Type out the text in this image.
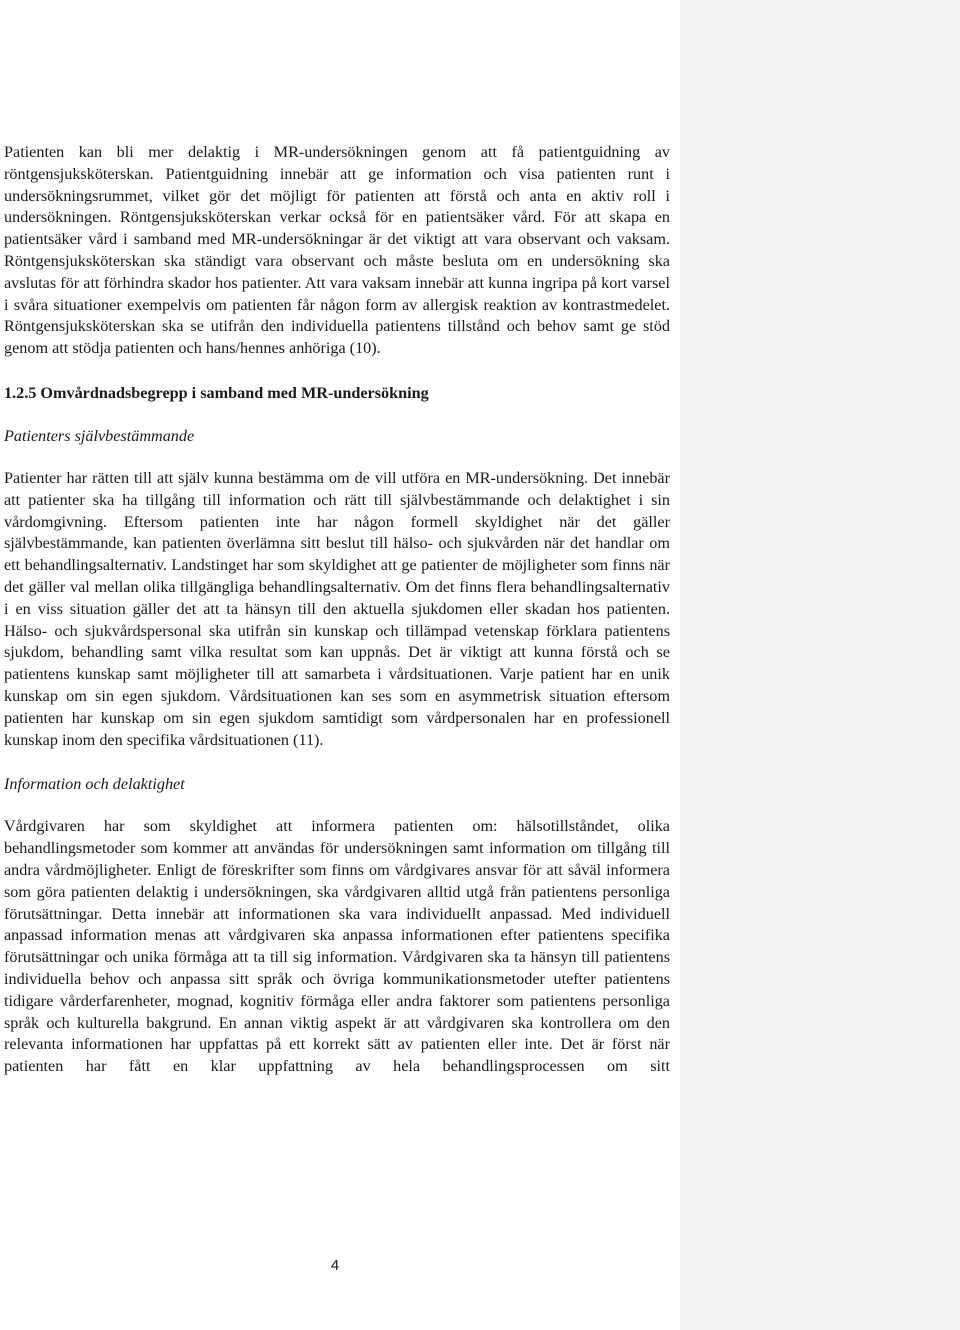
Patienten kan bli mer delaktig i MR-undersökningen genom att få patientguidning av röntgensjuksköterskan. Patientguidning innebär att ge information och visa patienten runt i undersökningsrummet, vilket gör det möjligt för patienten att förstå och anta en aktiv roll i undersökningen. Röntgensjuksköterskan verkar också för en patientsäker vård. För att skapa en patientsäker vård i samband med MR-undersökningar är det viktigt att vara observant och vaksam. Röntgensjuksköterskan ska ständigt vara observant och måste besluta om en undersökning ska avslutas för att förhindra skador hos patienter. Att vara vaksam innebär att kunna ingripa på kort varsel i svåra situationer exempelvis om patienten får någon form av allergisk reaktion av kontrastmedelet. Röntgensjuksköterskan ska se utifrån den individuella patientens tillstånd och behov samt ge stöd genom att stödja patienten och hans/hennes anhöriga (10).

1.2.5 Omvårdnadsbegrepp i samband med MR-undersökning
Patienters självbestämmande

Patienter har rätten till att själv kunna bestämma om de vill utföra en MR-undersökning. Det innebär att patienter ska ha tillgång till information och rätt till självbestämmande och delaktighet i sin vårdomgivning. Eftersom patienten inte har någon formell skyldighet när det gäller självbestämmande, kan patienten överlämna sitt beslut till hälso- och sjukvården när det handlar om ett behandlingsalternativ. Landstinget har som skyldighet att ge patienter de möjligheter som finns när det gäller val mellan olika tillgängliga behandlingsalternativ. Om det finns flera behandlingsalternativ i en viss situation gäller det att ta hänsyn till den aktuella sjukdomen eller skadan hos patienten. Hälso- och sjukvårdspersonal ska utifrån sin kunskap och tillämpad vetenskap förklara patientens sjukdom, behandling samt vilka resultat som kan uppnås. Det är viktigt att kunna förstå och se patientens kunskap samt möjligheter till att samarbeta i vårdsituationen. Varje patient har en unik kunskap om sin egen sjukdom. Vårdsituationen kan ses som en asymmetrisk situation eftersom patienten har kunskap om sin egen sjukdom samtidigt som vårdpersonalen har en professionell kunskap inom den specifika vårdsituationen (11).

Information och delaktighet

Vårdgivaren har som skyldighet att informera patienten om: hälsotillståndet, olika behandlingsmetoder som kommer att användas för undersökningen samt information om tillgång till andra vårdmöjligheter. Enligt de föreskrifter som finns om vårdgivares ansvar för att såväl informera som göra patienten delaktig i undersökningen, ska vårdgivaren alltid utgå från patientens personliga förutsättningar. Detta innebär att informationen ska vara individuellt anpassad. Med individuell anpassad information menas att vårdgivaren ska anpassa informationen efter patientens specifika förutsättningar och unika förmåga att ta till sig information. Vårdgivaren ska ta hänsyn till patientens individuella behov och anpassa sitt språk och övriga kommunikationsmetoder utefter patientens tidigare vårderfarenheter, mognad, kognitiv förmåga eller andra faktorer som patientens personliga språk och kulturella bakgrund. En annan viktig aspekt är att vårdgivaren ska kontrollera om den relevanta informationen har uppfattas på ett korrekt sätt av patienten eller inte. Det är först när patienten har fått en klar uppfattning av hela behandlingsprocessen om sitt

4
